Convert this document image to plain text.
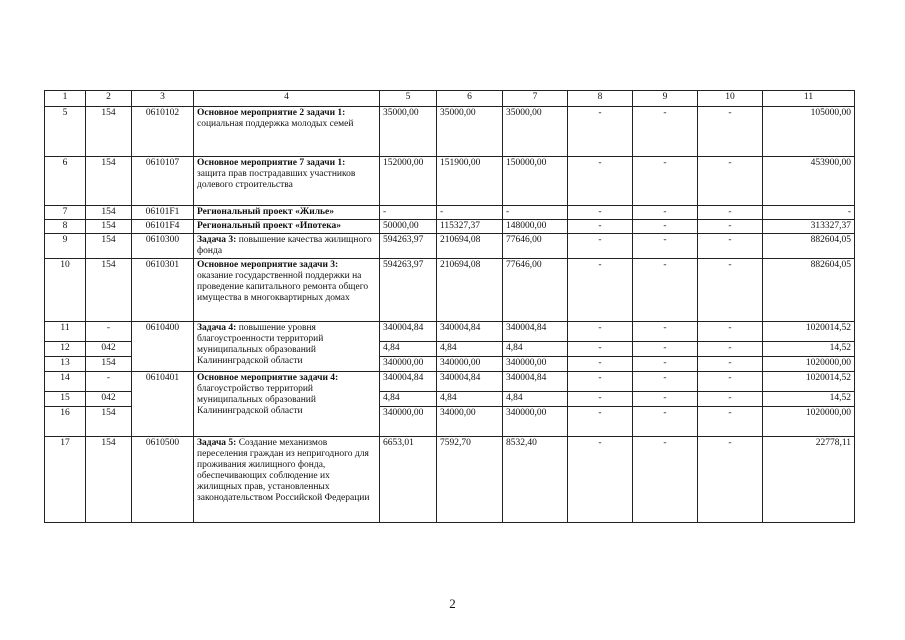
1	2	3	4	5	6	7	8	9	10	11
5	154	0610102	Основное мероприятие 2 задачи 1: социальная поддержка молодых семей	35000,00	35000,00	35000,00	-	-	-	105000,00
6	154	0610107	Основное мероприятие 7 задачи 1: защита прав пострадавших участников долевого строительства	152000,00	151900,00	150000,00	-	-	-	453900,00
7	154	06101F1	Региональный проект «Жилье»	-	-	-	-	-	-	-
8	154	06101F4	Региональный проект «Ипотека»	50000,00	115327,37	148000,00	-	-	-	313327,37
9	154	0610300	Задача 3: повышение качества жилищного фонда	594263,97	210694,08	77646,00	-	-	-	882604,05
10	154	0610301	Основное мероприятие задачи 3: оказание государственной поддержки на проведение капитального ремонта общего имущества в многоквартирных домах	594263,97	210694,08	77646,00	-	-	-	882604,05
11	-	0610400	Задача 4: повышение уровня благоустроенности территорий муниципальных образований Калининградской области	340004,84	340004,84	340004,84	-	-	-	1020014,52
12	042			4,84	4,84	4,84	-	-	-	14,52
13	154			340000,00	340000,00	340000,00	-	-	-	1020000,00
14	-	0610401	Основное мероприятие задачи 4: благоустройство территорий муниципальных образований Калининградской области	340004,84	340004,84	340004,84	-	-	-	1020014,52
15	042			4,84	4,84	4,84	-	-	-	14,52
16	154			340000,00	34000,00	340000,00	-	-	-	1020000,00
17	154	0610500	Задача 5: Создание механизмов переселения граждан из непригодного для проживания жилищного фонда, обеспечивающих соблюдение их жилищных прав, установленных законодательством Российской Федерации	6653,01	7592,70	8532,40	-	-	-	22778,11
2
